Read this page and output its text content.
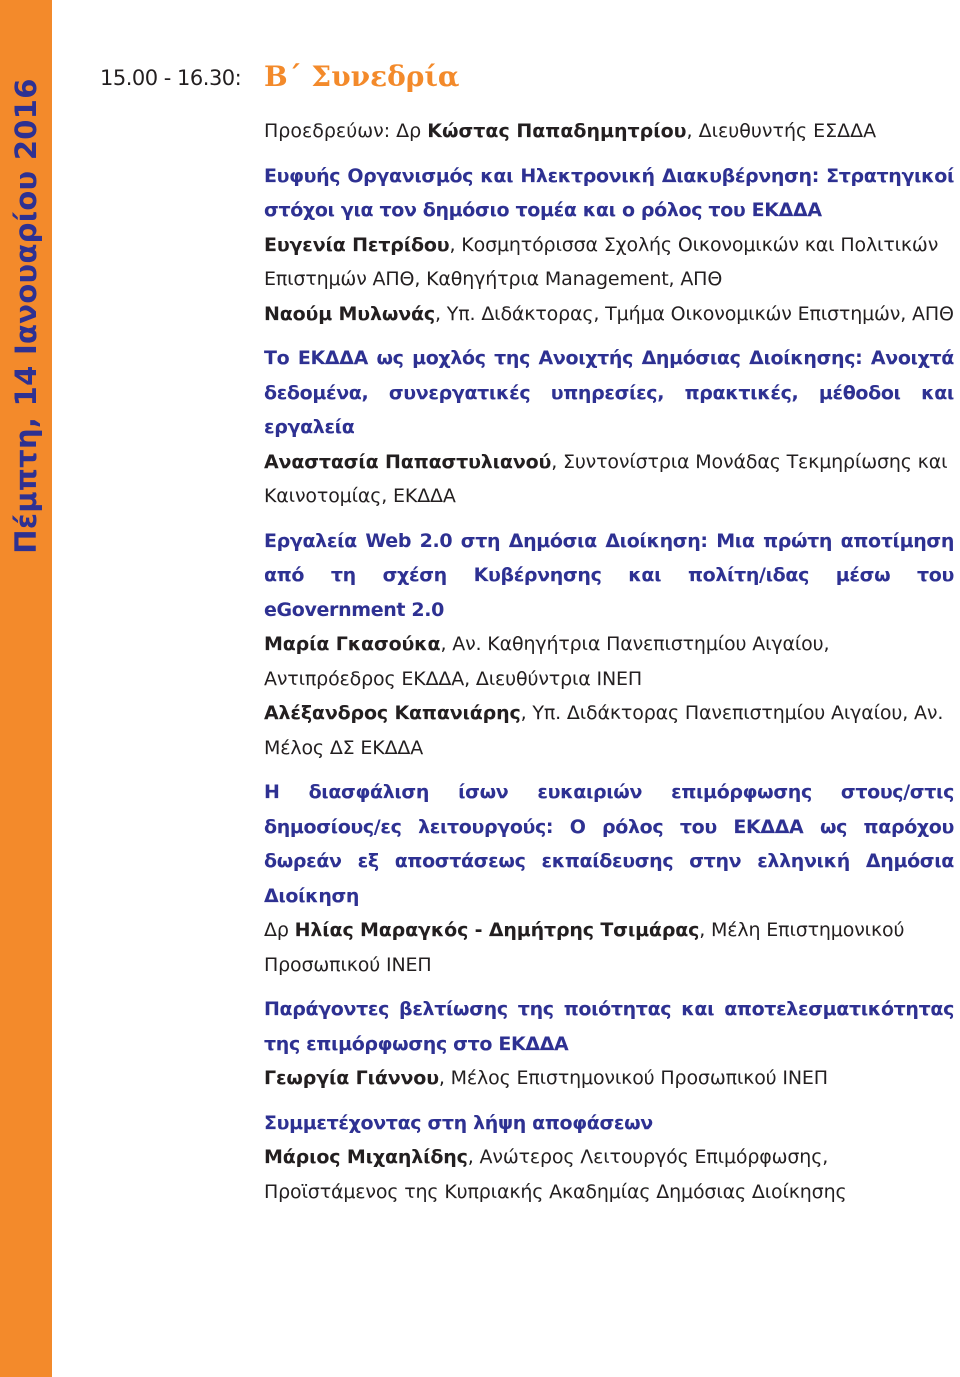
Πέμπτη, 14 Ιανουαρίου 2016
15.00 - 16.30: Β΄ Συνεδρία
Προεδρεύων: Δρ Κώστας Παπαδημητρίου, Διευθυντής ΕΣΔΔΑ
Ευφυής Οργανισμός και Ηλεκτρονική Διακυβέρνηση: Στρατηγικοί στόχοι για τον δημόσιο τομέα και ο ρόλος του ΕΚΔΔΑ
Ευγενία Πετρίδου, Κοσμητόρισσα Σχολής Οικονομικών και Πολιτικών Επιστημών ΑΠΘ, Καθηγήτρια Management, ΑΠΘ
Ναούμ Μυλωνάς, Υπ. Διδάκτορας, Τμήμα Οικονομικών Επιστημών, ΑΠΘ
Το ΕΚΔΔΑ ως μοχλός της Ανοιχτής Δημόσιας Διοίκησης: Ανοιχτά δεδομένα, συνεργατικές υπηρεσίες, πρακτικές, μέθοδοι και εργαλεία
Αναστασία Παπαστυλιανού, Συντονίστρια Μονάδας Τεκμηρίωσης και Καινοτομίας, ΕΚΔΔΑ
Εργαλεία Web 2.0 στη Δημόσια Διοίκηση: Μια πρώτη αποτίμηση από τη σχέση Κυβέρνησης και πολίτη/ιδας μέσω του eGovernment 2.0
Μαρία Γκασούκα, Αν. Καθηγήτρια Πανεπιστημίου Αιγαίου, Αντιπρόεδρος ΕΚΔΔΑ, Διευθύντρια ΙΝΕΠ
Αλέξανδρος Καπανιάρης, Υπ. Διδάκτορας Πανεπιστημίου Αιγαίου, Αν. Μέλος ΔΣ ΕΚΔΔΑ
Η διασφάλιση ίσων ευκαιριών επιμόρφωσης στους/στις δημοσίους/ες λειτουργούς: Ο ρόλος του ΕΚΔΔΑ ως παρόχου δωρεάν εξ αποστάσεως εκπαίδευσης στην ελληνική Δημόσια Διοίκηση
Δρ Ηλίας Μαραγκός - Δημήτρης Τσιμάρας, Μέλη Επιστημονικού Προσωπικού ΙΝΕΠ
Παράγοντες βελτίωσης της ποιότητας και αποτελεσματικότητας της επιμόρφωσης στο ΕΚΔΔΑ
Γεωργία Γιάννου, Μέλος Επιστημονικού Προσωπικού ΙΝΕΠ
Συμμετέχοντας στη λήψη αποφάσεων
Μάριος Μιχαηλίδης, Ανώτερος Λειτουργός Επιμόρφωσης, Προϊστάμενος της Κυπριακής Ακαδημίας Δημόσιας Διοίκησης
